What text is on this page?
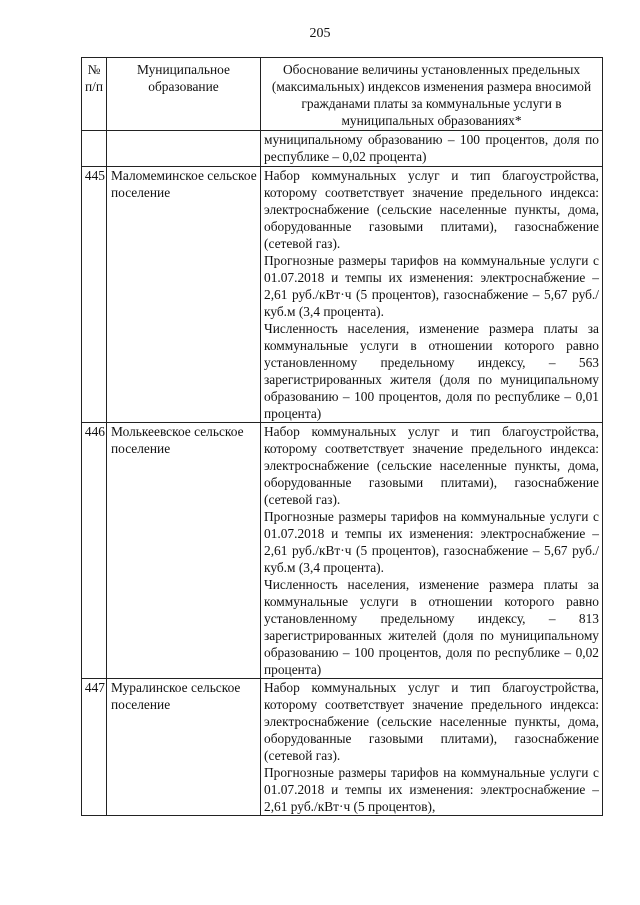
205
№ п/п	Муниципальное образование	Обоснование величины установленных предельных (максимальных) индексов изменения размера вносимой гражданами платы за коммунальные услуги в муниципальных образованиях*

		муниципальному образованию – 100 процентов, доля по республике – 0,02 процента)

445	Маломеминское сельское поселение	Набор коммунальных услуг и тип благоустройства, которому соответствует значение предельного индекса: электроснабжение (сельские населенные пункты, дома, оборудованные газовыми плитами), газоснабжение (сетевой газ).
Прогнозные размеры тарифов на коммунальные услуги с 01.07.2018 и темпы их изменения: электроснабжение – 2,61 руб./кВт·ч (5 процентов), газоснабжение – 5,67 руб./куб.м (3,4 процента).
Численность населения, изменение размера платы за коммунальные услуги в отношении которого равно установленному предельному индексу, – 563 зарегистрированных жителя (доля по муниципальному образованию – 100 процентов, доля по республике – 0,01 процента)

446	Молькеевское сельское поселение	Набор коммунальных услуг и тип благоустройства, которому соответствует значение предельного индекса: электроснабжение (сельские населенные пункты, дома, оборудованные газовыми плитами), газоснабжение (сетевой газ).
Прогнозные размеры тарифов на коммунальные услуги с 01.07.2018 и темпы их изменения: электроснабжение – 2,61 руб./кВт·ч (5 процентов), газоснабжение – 5,67 руб./куб.м (3,4 процента).
Численность населения, изменение размера платы за коммунальные услуги в отношении которого равно установленному предельному индексу, – 813 зарегистрированных жителей (доля по муниципальному образованию – 100 процентов, доля по республике – 0,02 процента)

447	Муралинское сельское поселение	Набор коммунальных услуг и тип благоустройства, которому соответствует значение предельного индекса: электроснабжение (сельские населенные пункты, дома, оборудованные газовыми плитами), газоснабжение (сетевой газ).
Прогнозные размеры тарифов на коммунальные услуги с 01.07.2018 и темпы их изменения: электроснабжение – 2,61 руб./кВт·ч (5 процентов),
